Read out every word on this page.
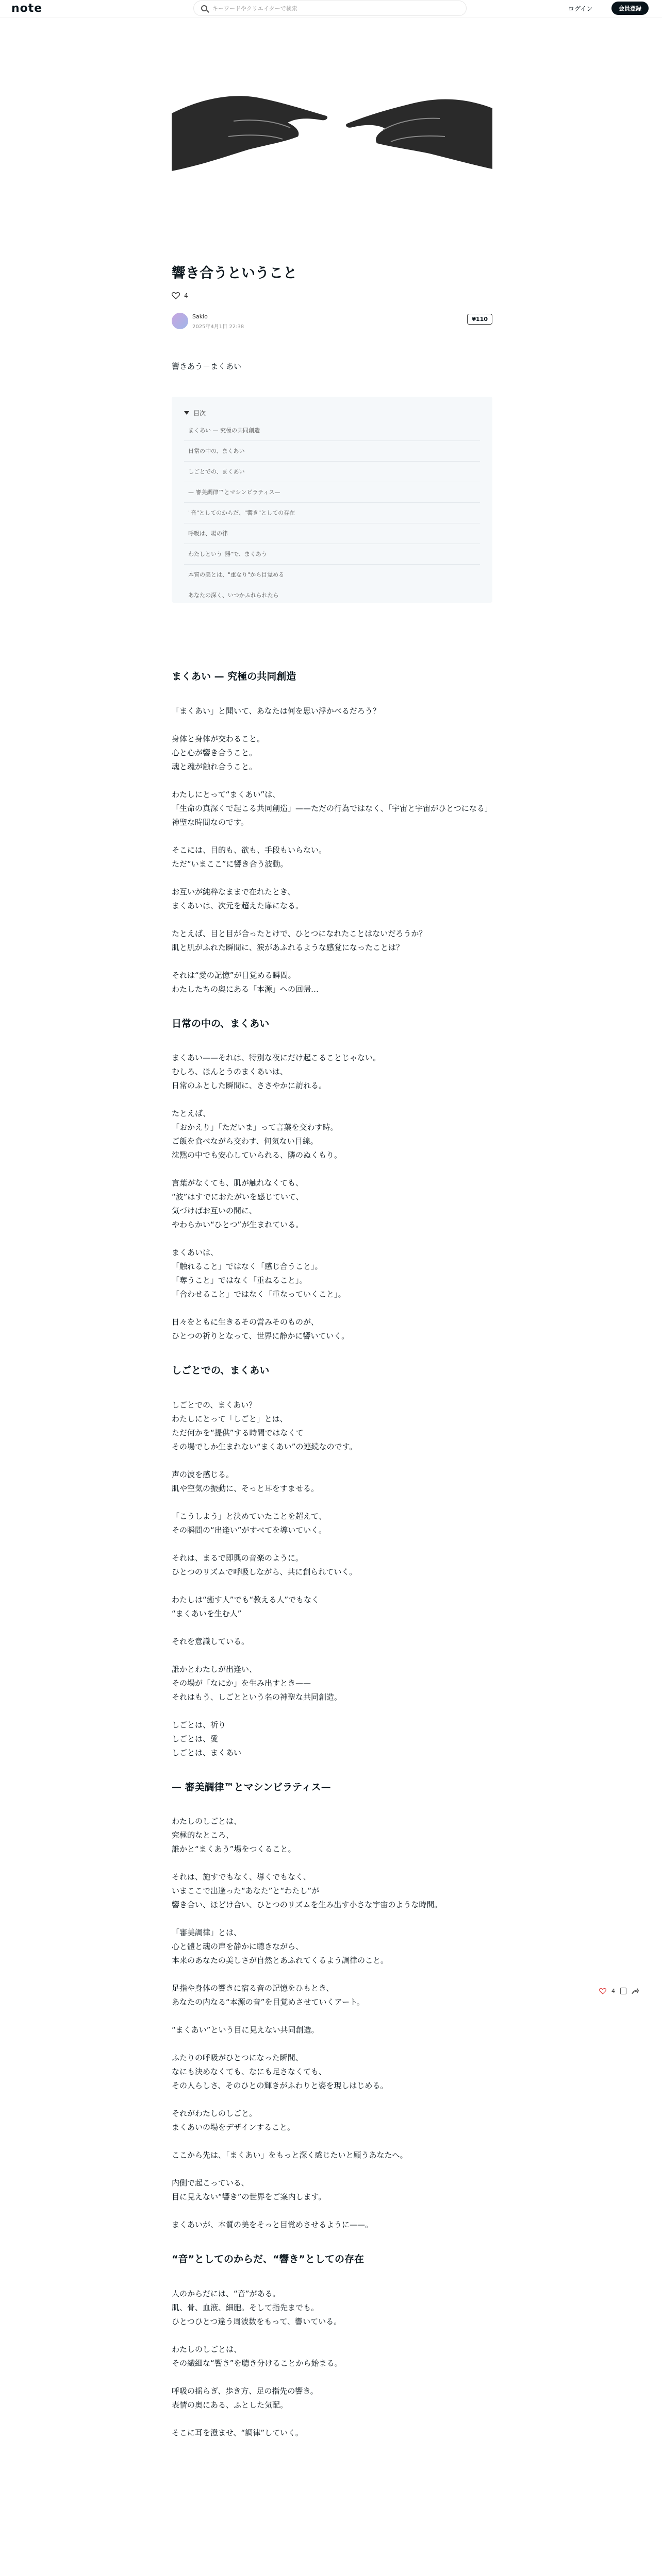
note	キーワードやクリエイターで検索	ログイン	会員登録
響き合うということ
4
Sakio
2025年4月1日 22:38
¥110
響きあう－まくあい
目次
まくあい — 究極の共同創造
日常の中の、まくあい
しごとでの、まくあい
— 審美調律™とマシンビラティス—
"音"としてのからだ、"響き"としての存在
呼吸は、場の律
わたしという"器"で、まくあう
本質の美とは、"重なり"から目覚める
あなたの深く、いつかふれられたら
まくあい — 究極の共同創造

「まくあい」と聞いて、あなたは何を思い浮かべるだろう？

身体と身体が交わること。
心と心が響き合うこと。
魂と魂が触れ合うこと。

わたしにとって“まくあい”は、
「生命の真深くで起こる共同創造」——ただの行為ではなく、「宇宙と宇宙がひとつになる」神聖な時間なのです。

そこには、目的も、欲も、手段もいらない。
ただ“いまここ”に響き合う波動。

お互いが純粋なままで在れたとき、
まくあいは、次元を超えた扉になる。

たとえば、目と目が合ったとけで、ひとつになれたことはないだろうか？
肌と肌がふれた瞬間に、涙があふれるような感覚になったことは？

それは“愛の記憶”が目覚める瞬間。
わたしたちの奥にある「本源」への回帰…

日常の中の、まくあい

まくあい——それは、特別な夜にだけ起こることじゃない。
むしろ、ほんとうのまくあいは、
日常のふとした瞬間に、ささやかに訪れる。

たとえば、
「おかえり」「ただいま」って言葉を交わす時。
ご飯を食べながら交わす、何気ない目線。
沈黙の中でも安心していられる、隣のぬくもり。

言葉がなくても、肌が触れなくても、
“波”はすでにおたがいを感じていて、
気づけばお互いの間に、
やわらかい“ひとつ”が生まれている。

まくあいは、
「触れること」ではなく「感じ合うこと」。
「奪うこと」ではなく「重ねること」。
「合わせること」ではなく「重なっていくこと」。

日々をともに生きるその営みそのものが、
ひとつの祈りとなって、世界に静かに響いていく。

しごとでの、まくあい

しごとでの、まくあい？
わたしにとって「しごと」とは、
ただ何かを“提供”する時間ではなくて
その場でしか生まれない“まくあい”の連続なのです。

声の波を感じる。
肌や空気の振動に、そっと耳をすませる。

「こうしよう」と決めていたことを超えて、
その瞬間の“出逢い”がすべてを導いていく。

それは、まるで即興の音楽のように。
ひとつのリズムで呼吸しながら、共に創られていく。

わたしは“癒す人”でも“教える人”でもなく
“まくあいを生む人”

それを意識している。

誰かとわたしが出逢い、
その場が「なにか」を生み出すとき——
それはもう、しごとという名の神聖な共同創造。

しごとは、祈り
しごとは、愛
しごとは、まくあい

— 審美調律™とマシンビラティス—

わたしのしごとは、
究極的なところ、
誰かと“まくあう”場をつくること。

それは、施すでもなく、導くでもなく、
いまここで出逢った“あなた”と“わたし”が
響き合い、ほどけ合い、ひとつのリズムを生み出す小さな宇宙のような時間。

「審美調律」とは、
心と體と魂の声を静かに聴きながら、
本来のあなたの美しさが自然とあふれてくるよう調律のこと。

足指や身体の響きに宿る音の記憶をひもとき、
あなたの内なる“本源の音”を目覚めさせていくアート。

“まくあい”という目に見えない共同創造。

ふたりの呼吸がひとつになった瞬間、
なにも決めなくても、なにも足さなくても、
その人らしさ、そのひとの輝きがふわりと姿を現しはじめる。

それがわたしのしごと。
まくあいの場をデザインすること。

ここから先は、「まくあい」をもっと深く感じたいと願うあなたへ。

内側で起こっている、
目に見えない“響き”の世界をご案内します。

まくあいが、本質の美をそっと目覚めさせるように——。

“音”としてのからだ、“響き”としての存在

人のからだには、“音”がある。
肌、骨、血液、細胞。そして指先までも。
ひとつひとつ違う周波数をもって、響いている。

わたしのしごとは、
その繊細な“響き”を聴き分けることから始まる。

呼吸の揺らぎ、歩き方、足の指先の響き。
表情の奥にある、ふとした気配。

そこに耳を澄ませ、“調律”していく。

4
